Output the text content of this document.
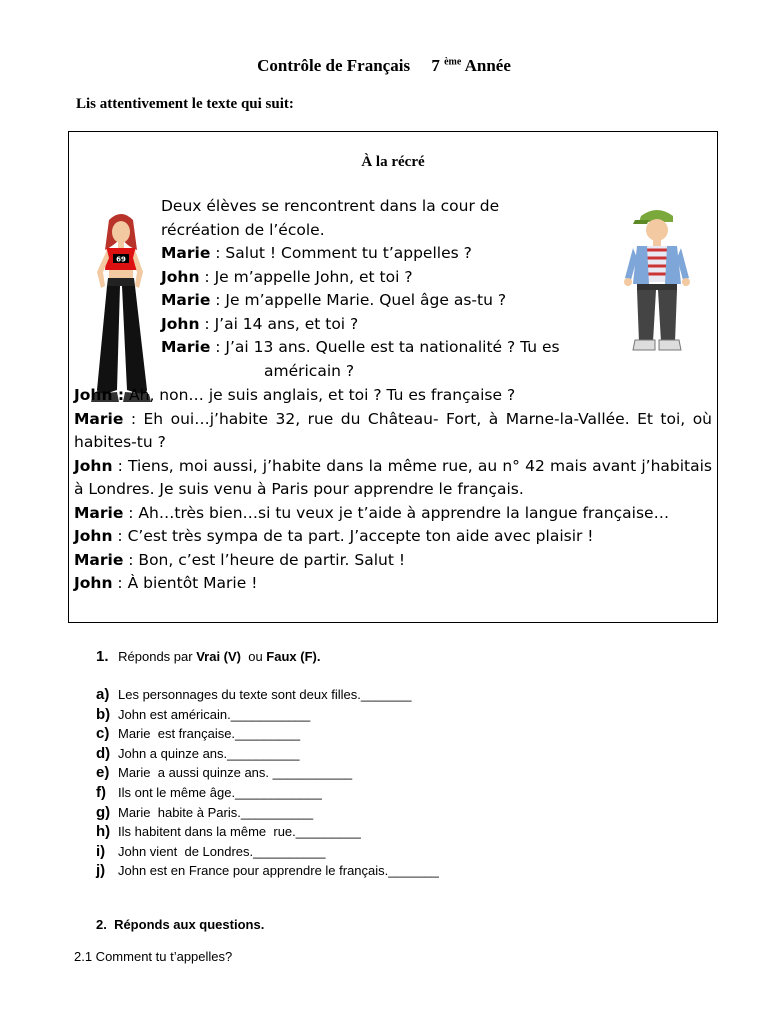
Contrôle de Français 7 $^{ème}$ Année
Lis attentivement le texte qui suit:
À la récré
69

Deux élèves se rencontrent dans la cour de

récréation de l’école.

Marie : Salut ! Comment tu t’appelles ?

John : Je m’appelle John, et toi ?

Marie : Je m’appelle Marie. Quel âge as-tu ?

John : J’ai 14 ans, et toi ?

Marie : J’ai 13 ans. Quelle est ta nationalité ? Tu es

américain ?

John : Ah, non… je suis anglais, et toi ? Tu es française ?

Marie : Eh oui…j’habite 32, rue du Château- Fort, à Marne-la-Vallée. Et toi, où habites-tu ?

John : Tiens, moi aussi, j’habite dans la même rue, au n° 42 mais avant j’habitais à Londres. Je suis venu à Paris pour apprendre le français.

Marie : Ah…très bien…si tu veux je t’aide à apprendre la langue française…

John : C’est très sympa de ta part. J’accepte ton aide avec plaisir !

Marie : Bon, c’est l’heure de partir. Salut !

John : À bientôt Marie !

1. Réponds par Vrai (V)  ou Faux (F).
a) Les personnages du texte sont deux filles._______
b) John est américain.___________
c) Marie  est française._________
d) John a quinze ans.__________
e) Marie  a aussi quinze ans. ___________
f) Ils ont le même âge.____________
g) Marie  habite à Paris.__________
h) Ils habitent dans la même  rue._________
i) John vient  de Londres.__________
j) John est en France pour apprendre le français._______
2.  Réponds aux questions.
2.1 Comment tu t’appelles?
